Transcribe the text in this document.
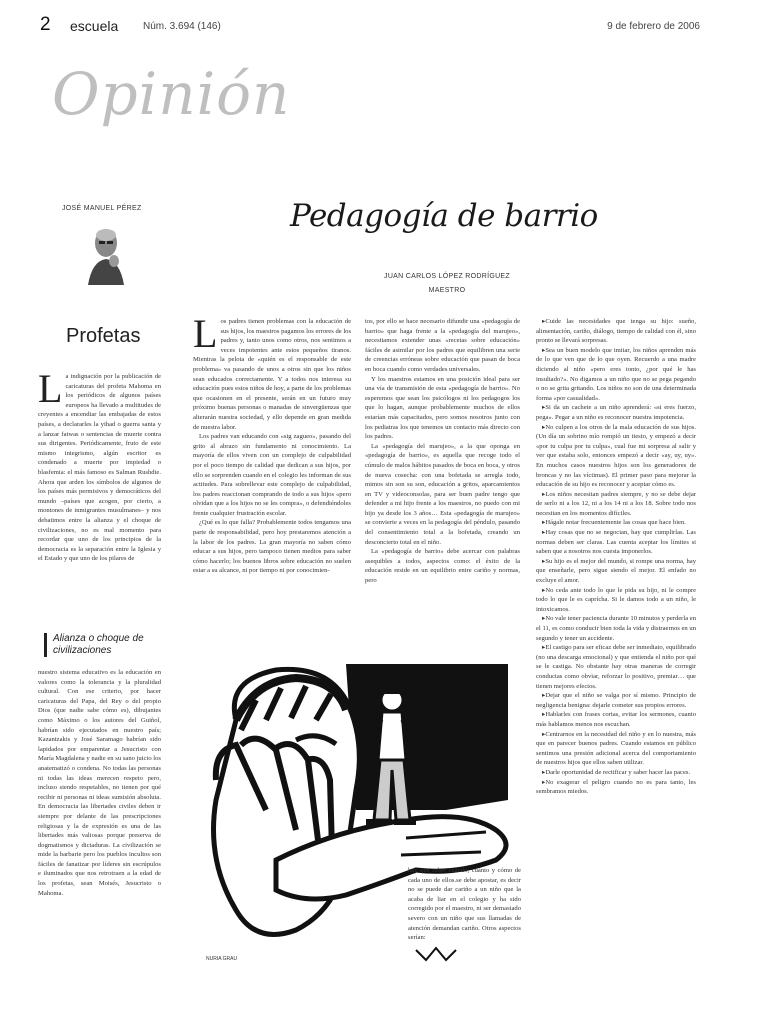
2 escuela Núm. 3.694 (146)	9 de febrero de 2006
Opinión
JOSÉ MANUEL PÉREZ
Profetas
L a indignación por la publicación de caricaturas del profeta Mahoma en los periódicos de algunos países europeos ha llevado a multitudes de creyentes a encendiar las embajadas de estos países, a declararles la yihad o guerra santa y a lanzar fatwas o sentencias de muerte contra sus dirigentes. Periódicamente, fruto de este mismo integrismo, algún escritor es condenado a muerte por impiedad o blasfemia: el más famoso es Salman Rushdie. Ahora que arden los símbolos de algunos de los países más permisivos y democráticos del mundo –países que acogen, por cierto, a montones de inmigrantes musulmanes– y nos debatimos entre la alianza y el choque de civilizaciones, no es mal momento para recordar que uno de los principios de la democracia es la separación entre la Iglesia y el Estado y que uno de los pilares de
Alianza o choque de civilizaciones

nuestro sistema educativo es la educación en valores como la tolerancia y la pluralidad cultural. Con ese criterio, por hacer caricaturas del Papa, del Rey o del propio Dios (que nadie sabe cómo es), dibujantes como Máximo o los autores del Guiñol, habrían sido ejecutados en nuestro país; Kazantzakis y José Saramago habrían sido lapidados por emparentar a Jesucristo con María Magdalena y nadie en su sano juicio los anatematizó o condena. No todas las personas ni todas las ideas merecen respeto pero, incluso siendo respetables, no tienen por qué recibir ni personas ni ideas sumisión absoluta. En democracia las libertades civiles deben ir siempre por delante de las prescripciones religiosas y la de expresión es una de las libertades más valiosas porque preserva de dogmatismos y dictaduras. La civilización se mide la barbarie pero los pueblos incultos son fáciles de fanatizar por líderes sin escrúpulos e iluminados que nos retrotraen a la edad de los profetas, sean Moisés, Jesucristo o Mahoma.

Pedagogía de barrio
JUAN CARLOS LÓPEZ RODRÍGUEZ
MAESTRO
L os padres tienen problemas con la educación de sus hijos, los maestros pagamos los errores de los padres y, tanto unos como otros, nos sentimos a veces impotentes ante estos pequeños tiranos. Mientras la pelota de «quién es el responsable de este problema» va pasando de unos a otros sin que los niños sean educados correctamente. Y a todos nos interesa su educación pues estos niños de hoy, a parte de los problemas que ocasionen en el presente, serán en un futuro muy próximo buenas personas o manadas de sinvergüenzas que alterarán nuestra sociedad, y ello depende en gran medida de nuestra labor.

Los padres van educando con «sig zagueo», pasando del grito al abrazo sin fundamento ni conocimiento. La mayoría de ellos viven con un complejo de culpabilidad por el poco tiempo de calidad que dedican a sus hijos, por ello se sorprenden cuando en el colegio les informan de sus actitudes. Para sobrellevar este complejo de culpabilidad, los padres reaccionan comprando de todo a sus hijos «pero olvidan que a los hijos no se les compra», o defendiéndoles frente cualquier frustración escolar.

¿Qué es lo que falla? Probablemente todos tengamos una parte de responsabilidad, pero hoy prestaremos atención a la labor de los padres. La gran mayoría no saben cómo educar a sus hijos, pero tampoco tienen medios para saber cómo hacerlo; los buenos libros sobre educación no suelen estar a su alcance, ni por tiempo ni por conocimien-

tos, por ello se hace necesario difundir una «pedagogía de barrio» que haga frente a la «pedagogía del marujeo», necesitamos extender unas «recetas sobre educación» fáciles de asimilar por los padres que equilibren una serie de creencias erróneas sobre educación que pasan de boca en boca cuando como verdades universales.

Y los maestros estamos en una posición ideal para ser una vía de transmisión de esta «pedagogía de barrio». No esperemos que sean los psicólogos ni los pedagogos los que lo hagan, aunque probablemente muchos de ellos estarían más capacitados, pero somos nosotros junto con los pediatras los que tenemos un contacto más directo con los padres.

La «pedagogía del marujeo», a la que oponga en «pedagogía de barrio», es aquella que recoge todo el cúmulo de malos hábitos pasados de boca en boca, y otros de nueva cosecha: con una bofetada se arregla todo, mimos sin son su son, educación a gritos, aparcamientos en TV y videoconsolas, para ser buen padre tengo que defender a mi hijo frente a los maestros, no puedo con mi hijo ya desde los 3 años… Esta «pedagogía de marujeo» se convierte a veces en la pedagogía del péndulo, pasando del consentimiento total a la bofetada, creando un desconcierto total en el niño.

La «pedagogía de barrio» debe acercar con palabras asequibles a todos, aspectos como: el éxito de la educación reside en un equilibrio entre cariño y normas, pero

▸ Cuide las necesidades que tenga su hijo: sueño, alimentación, cariño, diálogo, tiempo de calidad con él, sino pronto se llevará sorpresas.

▸ Sea un buen modelo que imitar, los niños aprenden más de lo que ven que de lo que oyen. Recuerdo a una madre diciendo al niño «pero eres tonto, ¿por qué le has insultado?». No digamos a un niño que no se pega pegando o no se grita gritando. Los niños no son de una determinada forma «por casualidad».

▸ Si da un cachete a un niño aprenderá: «si eres fuerzo, pega». Pegar a un niño es reconocer nuestra impotencia.

▸ No culpen a los otros de la mala educación de sus hijos. (Un día un sobrino mío rompió un tiesto, y empezó a decir «por tu culpa por tu culpa», cual fue mi sorpresa al salir y ver que estaba solo, entonces empezó a decir «ay, uy, uy». En muchos casos nuestros hijos son los generadores de broncas y no las víctimas). El primer paso para mejorar la educación de su hijo es reconocer y aceptar cómo es.

▸ Los niños necesitan padres siempre, y no se debe dejar de serlo ni a los 12, ni a los 14 ni a los 18. Sobre todo nos necesitan en los momentos difíciles.

▸ Hágale notar frecuentemente las cosas que hace bien.

▸ Hay cosas que no se negocian, hay que cumplirlas. Las normas deben ser claras. Las cuenta aceptar los límites si saben que a nosotros nos cuesta imponerlos.

▸ Su hijo es el mejor del mundo, si rompe una norma, hay que enseñarle, pero sigue siendo el mejor. El enfado no excluye el amor.

▸ No ceda ante todo lo que le pida su hijo, ni le compre todo lo que le es caprícha. Si le damos todo a un niño, le intoxicamos.

▸ No vale tener paciencia durante 10 minutos y perderla en el 11, es como conducir bien toda la vida y distraernos en un segundo y tener un accidente.

▸ El castigo para ser eficaz debe ser inmediato, equilibrado (no una descarga emocional) y que entienda el niño por qué se le castiga. No obstante hay otras maneras de corregir conductas como obviar, reforzar lo positivo, premiar… que tienen mejores efectos.

▸ Dejar que el niño se valga por sí mismo. Principio de negligencia benigna: dejarle cometer sus propios errores.

▸ Hablarles con frases cortas, evitar los sermones, cuanto más hablamos menos nos escuchan.

▸ Centrarnos en la necesidad del niño y en lo nuestra, más que en parecer buenos padres. Cuando estamos en público sentimos una presión adicional acerca del comportamiento de nuestros hijos que ellos saben utilizar.

▸ Darle oportunidad de rectificar y saber hacer las paces.

▸ No exagerar el peligro cuando no es para tanto, les sembramos miedos.

NURIA GRAU

hay que saber cuándo, cuánto y cómo de cada uno de ellos.se debe apostar, es decir no se puede dar cariño a un niño que la acaba de liar en el colegio y ha sido corregido por el maestro, ni ser demasiado severo con un niño que sus llamadas de atención demandan cariño. Otros aspectos serían:
